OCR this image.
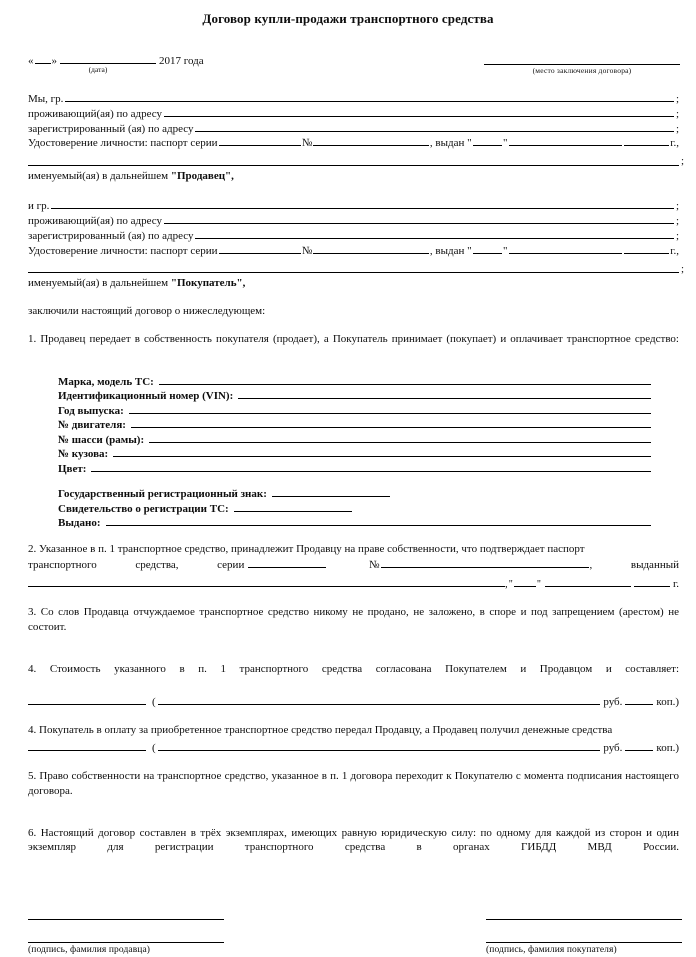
Договор купли-продажи транспортного средства
« »	2017 года
(дата)	(место заключения договора)
Мы, гр.	;
проживающий(ая) по адресу	;
зарегистрированный (ая) по адресу	;
Удостоверение личности: паспорт серии	№	, выдан "	"	г.,
;
именуемый(ая) в дальнейшем "Продавец",
и гр.	;
проживающий(ая) по адресу	;
зарегистрированный (ая) по адресу	;
Удостоверение личности: паспорт серии	№	, выдан "	"	г.,
;
именуемый(ая) в дальнейшем "Покупатель",
заключили настоящий договор о нижеследующем:
1. Продавец передает в собственность покупателя (продает), а Покупатель принимает (покупает) и оплачивает транспортное средство:
Марка, модель ТС:
Идентификационный номер (VIN):
Год выпуска:
№ двигателя:
№ шасси (рамы):
№ кузова:
Цвет:
Государственный регистрационный знак:
Свидетельство о регистрации ТС:
Выдано:
2. Указанное в п. 1 транспортное средство, принадлежит Продавцу на праве собственности, что подтверждает паспорт
транспортного	средства,	серии	№	,	выданный
, " "	г.
3. Со слов Продавца отчуждаемое транспортное средство никому не продано, не заложено, в споре и под запрещением (арестом) не состоит.
4. Стоимость указанного в п. 1 транспортного средства согласована Покупателем и Продавцом и составляет:
(	руб.	коп.)
4. Покупатель в оплату за приобретенное транспортное средство передал Продавцу, а Продавец получил денежные средства
(	руб.	коп.)
5. Право собственности на транспортное средство, указанное в п. 1 договора переходит к Покупателю с момента подписания настоящего договора.
6. Настоящий договор составлен в трёх экземплярах, имеющих равную юридическую силу: по одному для каждой из сторон и один экземпляр для регистрации транспортного средства в органах ГИБДД МВД России.
(подпись, фамилия продавца)	(подпись, фамилия покупателя)
